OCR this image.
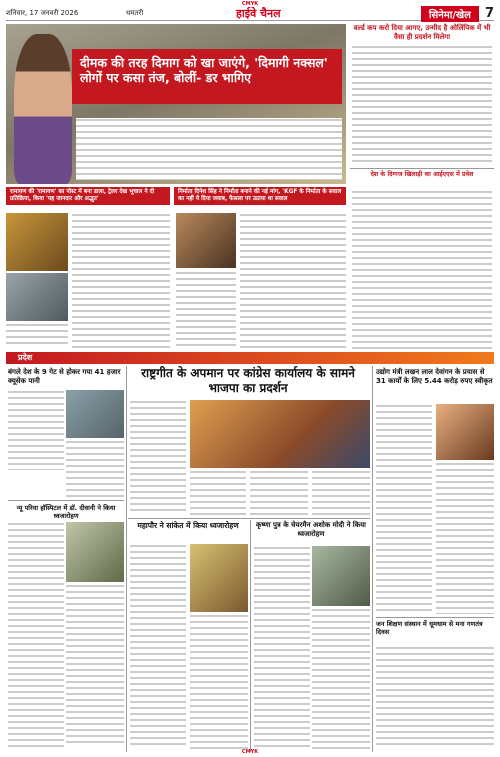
CMYK
शनिवार, 17 जनवरी 2026	धमतरी	हाईवे चैनल	सिनेमा/खेल	7
दीमक की तरह दिमाग को खा जाएंगे, 'दिमागी नक्सल' लोगों पर कसा तंज, बोलीं- डर भागिए
वर्ल्ड कप करो दिया आगए, उन्मीद है ओलिंपिक में भी वैसा ही प्रदर्शन मिलेगा
देश के दिग्गज खिलाड़ी का आईएएस में प्रवेश
रामायण की 'रामायण' का पोस्ट में बना डाला, ट्रेलर देख भूचाल ने दी प्रतिक्रिया, किया 'यह जानदार और अद्भुत'
निर्माता दिनेश सिंह ने निर्माता बनाने की नई मांग, 'KGF के निर्माता के सवाल का नहीं ये दिया जवाब, फैसला पर उठाया था सवाल
प्रदेश
बंगले देश के 9 गेट से होकर गया 41 हजार क्यूसेक पानी
न्यू परिया हॉस्पिटल में डॉ. दीवानी ने किया ध्वजारोहण
राष्ट्रगीत के अपमान पर कांग्रेस कार्यालय के सामने भाजपा का प्रदर्शन
महापौर ने सांकेत में किया ध्वजारोहण	कृष्णा पुत्र के चेयरमैन अशोक मोदी ने किया ध्वजारोहण
उद्योग मंत्री लखन लाल देवांगन के प्रयास से 31 कार्यों के लिए 5.44 करोड़ रुपए स्वीकृत
जन शिक्षण संस्थान में धूमधाम से मना गणतंत्र दिवस
CMYK
